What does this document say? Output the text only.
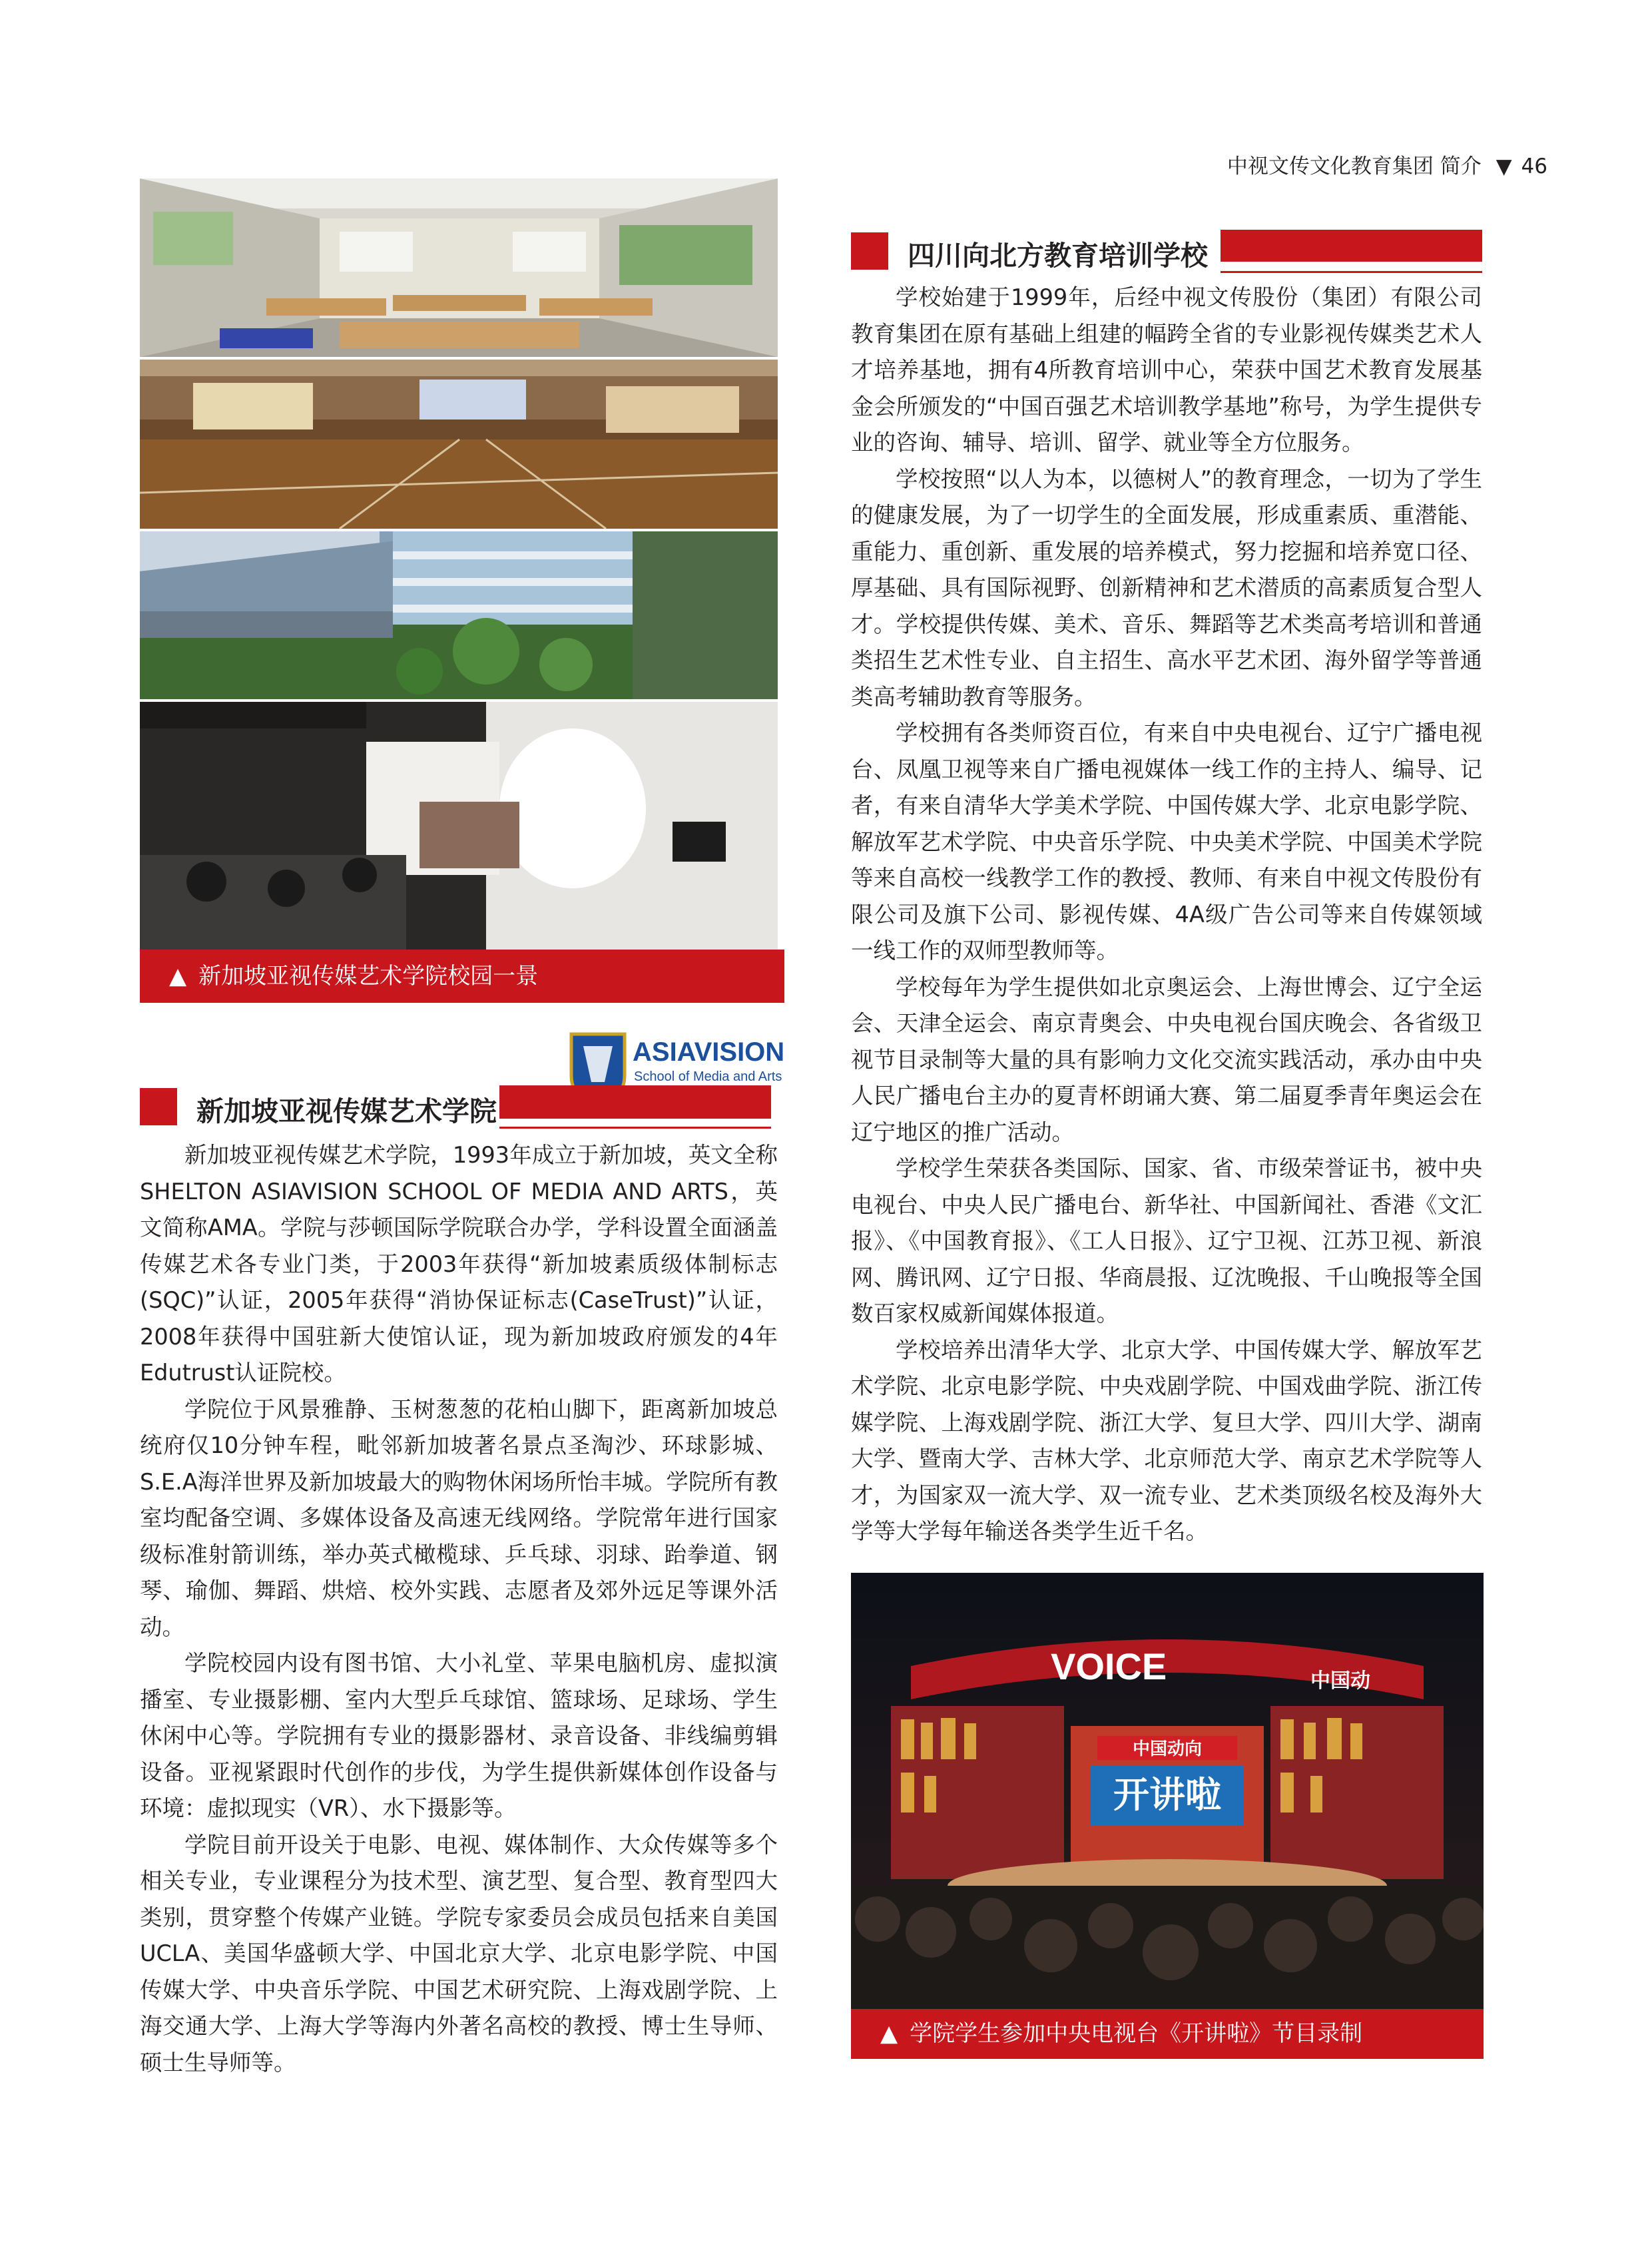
中视文传文化教育集团 简介 ▼ 46
▲ 新加坡亚视传媒艺术学院校园一景
ASIAVISION
School of Media and Arts
新加坡亚视传媒艺术学院

新加坡亚视传媒艺术学院，1993年成立于新加坡，英文全称SHELTON ASIAVISION SCHOOL OF MEDIA AND ARTS，英文简称AMA。学院与莎顿国际学院联合办学，学科设置全面涵盖传媒艺术各专业门类，于2003年获得“新加坡素质级体制标志(SQC)”认证，2005年获得“消协保证标志(CaseTrust)”认证，2008年获得中国驻新大使馆认证，现为新加坡政府颁发的4年Edutrust认证院校。

学院位于风景雅静、玉树葱葱的花柏山脚下，距离新加坡总统府仅10分钟车程，毗邻新加坡著名景点圣淘沙、环球影城、S.E.A海洋世界及新加坡最大的购物休闲场所怡丰城。学院所有教室均配备空调、多媒体设备及高速无线网络。学院常年进行国家级标准射箭训练，举办英式橄榄球、乒乓球、羽球、跆拳道、钢琴、瑜伽、舞蹈、烘焙、校外实践、志愿者及郊外远足等课外活动。

学院校园内设有图书馆、大小礼堂、苹果电脑机房、虚拟演播室、专业摄影棚、室内大型乒乓球馆、篮球场、足球场、学生休闲中心等。学院拥有专业的摄影器材、录音设备、非线编剪辑设备。亚视紧跟时代创作的步伐，为学生提供新媒体创作设备与环境：虚拟现实（VR）、水下摄影等。

学院目前开设关于电影、电视、媒体制作、大众传媒等多个相关专业，专业课程分为技术型、演艺型、复合型、教育型四大类别，贯穿整个传媒产业链。学院专家委员会成员包括来自美国UCLA、美国华盛顿大学、中国北京大学、北京电影学院、中国传媒大学、中央音乐学院、中国艺术研究院、上海戏剧学院、上海交通大学、上海大学等海内外著名高校的教授、博士生导师、硕士生导师等。

四川向北方教育培训学校

学校始建于1999年，后经中视文传股份（集团）有限公司教育集团在原有基础上组建的幅跨全省的专业影视传媒类艺术人才培养基地，拥有4所教育培训中心，荣获中国艺术教育发展基金会所颁发的“中国百强艺术培训教学基地”称号，为学生提供专业的咨询、辅导、培训、留学、就业等全方位服务。

学校按照“以人为本，以德树人”的教育理念，一切为了学生的健康发展，为了一切学生的全面发展，形成重素质、重潜能、重能力、重创新、重发展的培养模式，努力挖掘和培养宽口径、厚基础、具有国际视野、创新精神和艺术潜质的高素质复合型人才。学校提供传媒、美术、音乐、舞蹈等艺术类高考培训和普通类招生艺术性专业、自主招生、高水平艺术团、海外留学等普通类高考辅助教育等服务。

学校拥有各类师资百位，有来自中央电视台、辽宁广播电视台、凤凰卫视等来自广播电视媒体一线工作的主持人、编导、记者，有来自清华大学美术学院、中国传媒大学、北京电影学院、解放军艺术学院、中央音乐学院、中央美术学院、中国美术学院等来自高校一线教学工作的教授、教师、有来自中视文传股份有限公司及旗下公司、影视传媒、4A级广告公司等来自传媒领域一线工作的双师型教师等。

学校每年为学生提供如北京奥运会、上海世博会、辽宁全运会、天津全运会、南京青奥会、中央电视台国庆晚会、各省级卫视节目录制等大量的具有影响力文化交流实践活动，承办由中央人民广播电台主办的夏青杯朗诵大赛、第二届夏季青年奥运会在辽宁地区的推广活动。

学校学生荣获各类国际、国家、省、市级荣誉证书，被中央电视台、中央人民广播电台、新华社、中国新闻社、香港《文汇报》、《中国教育报》、《工人日报》、辽宁卫视、江苏卫视、新浪网、腾讯网、辽宁日报、华商晨报、辽沈晚报、千山晚报等全国数百家权威新闻媒体报道。

学校培养出清华大学、北京大学、中国传媒大学、解放军艺术学院、北京电影学院、中央戏剧学院、中国戏曲学院、浙江传媒学院、上海戏剧学院、浙江大学、复旦大学、四川大学、湖南大学、暨南大学、吉林大学、北京师范大学、南京艺术学院等人才，为国家双一流大学、双一流专业、艺术类顶级名校及海外大学等大学每年输送各类学生近千名。

VOICE	中国动
中国动向
开讲啦
▲ 学院学生参加中央电视台《开讲啦》节目录制
